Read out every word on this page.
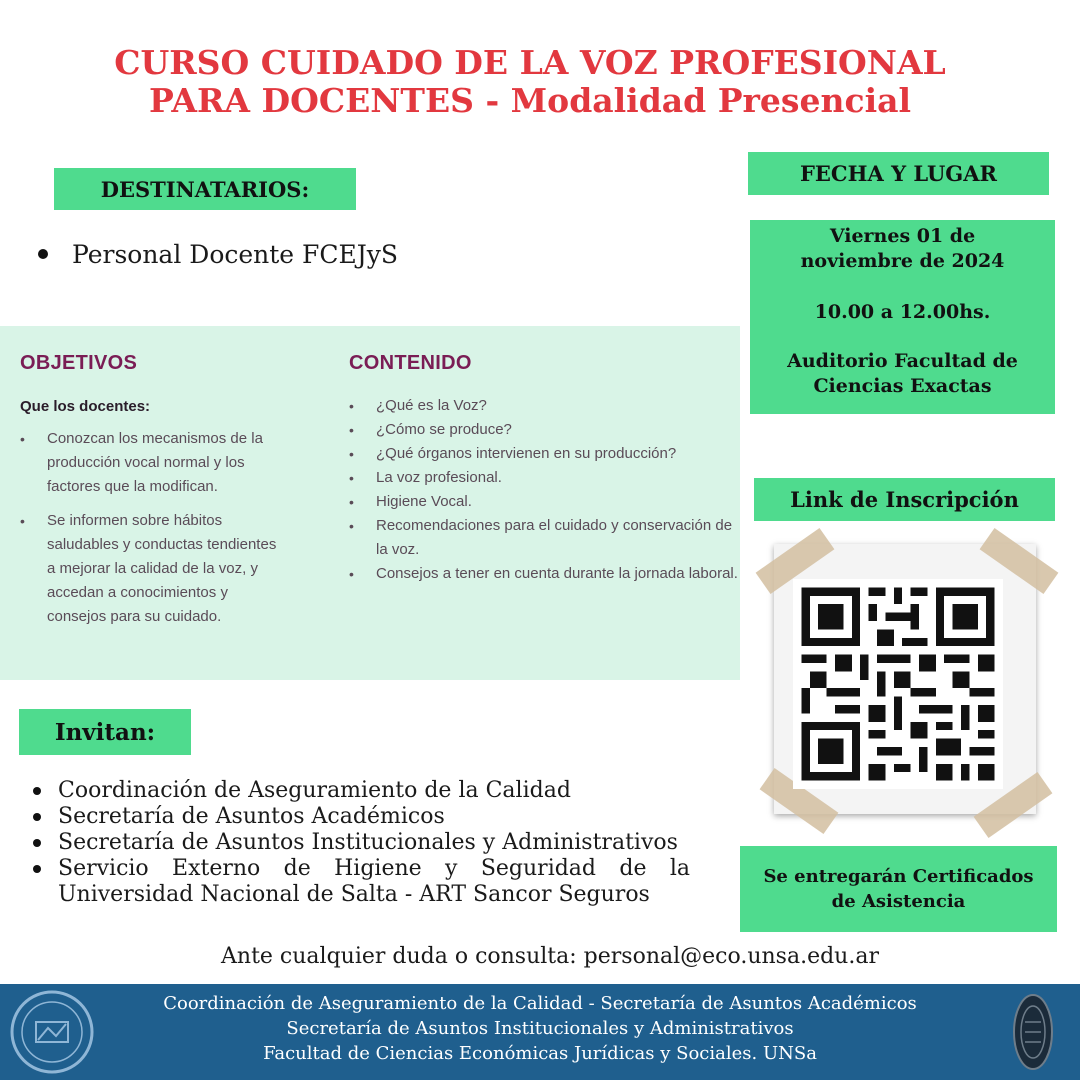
CURSO CUIDADO DE LA VOZ PROFESIONAL
PARA DOCENTES - Modalidad Presencial
DESTINATARIOS:
Personal Docente FCEJyS
FECHA Y LUGAR
Viernes 01 de
noviembre de 2024
10.00 a 12.00hs.
Auditorio Facultad de
Ciencias Exactas
OBJETIVOS
Que los docentes:
• Conozcan los mecanismos de la producción vocal normal y los factores que la modifican.
• Se informen sobre hábitos saludables y conductas tendientes a mejorar la calidad de la voz, y accedan a conocimientos y consejos para su cuidado.
CONTENIDO
• ¿Qué es la Voz?
• ¿Cómo se produce?
• ¿Qué órganos intervienen en su producción?
• La voz profesional.
• Higiene Vocal.
• Recomendaciones para el cuidado y conservación de la voz.
• Consejos a tener en cuenta durante la jornada laboral.
Link de Inscripción
Invitan:
Coordinación de Aseguramiento de la Calidad
Secretaría de Asuntos Académicos
Secretaría de Asuntos Institucionales y Administrativos
Servicio Externo de Higiene y Seguridad de la Universidad Nacional de Salta - ART Sancor Seguros
Se entregarán Certificados
de Asistencia
Ante cualquier duda o consulta: personal@eco.unsa.edu.ar
Coordinación de Aseguramiento de la Calidad - Secretaría de Asuntos Académicos
Secretaría de Asuntos Institucionales y Administrativos
Facultad de Ciencias Económicas Jurídicas y Sociales. UNSa
